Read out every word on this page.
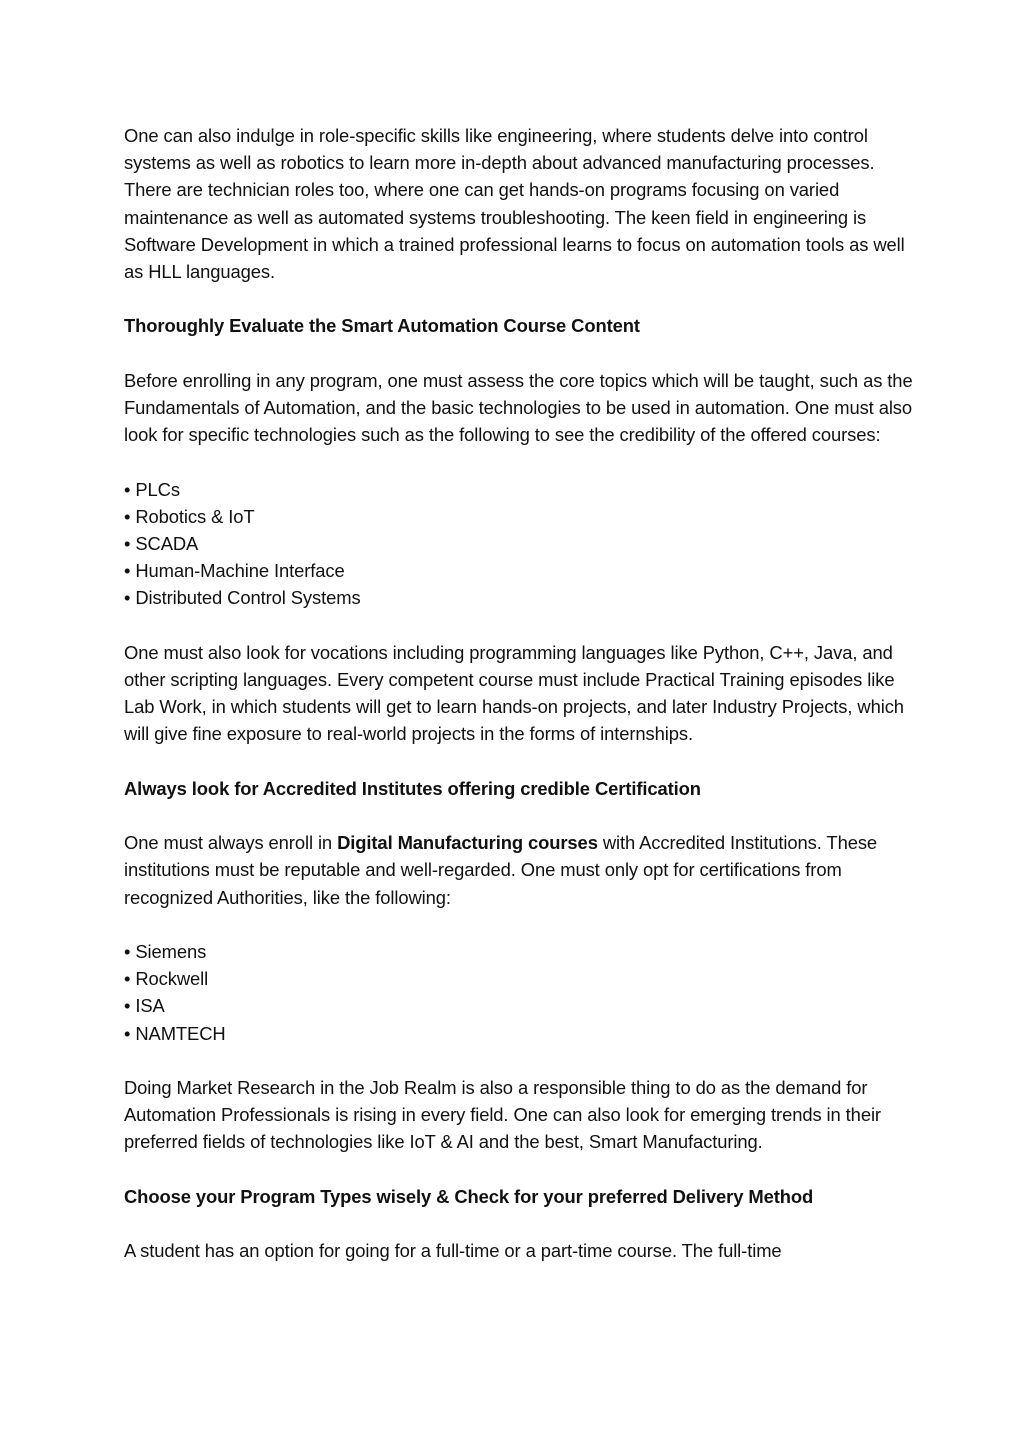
One can also indulge in role-specific skills like engineering, where students delve into control systems as well as robotics to learn more in-depth about advanced manufacturing processes. There are technician roles too, where one can get hands-on programs focusing on varied maintenance as well as automated systems troubleshooting. The keen field in engineering is Software Development in which a trained professional learns to focus on automation tools as well as HLL languages.

Thoroughly Evaluate the Smart Automation Course Content

Before enrolling in any program, one must assess the core topics which will be taught, such as the Fundamentals of Automation, and the basic technologies to be used in automation. One must also look for specific technologies such as the following to see the credibility of the offered courses:

• PLCs
• Robotics & IoT
• SCADA
• Human-Machine Interface
• Distributed Control Systems

One must also look for vocations including programming languages like Python, C++, Java, and other scripting languages. Every competent course must include Practical Training episodes like Lab Work, in which students will get to learn hands-on projects, and later Industry Projects, which will give fine exposure to real-world projects in the forms of internships.

Always look for Accredited Institutes offering credible Certification

One must always enroll in Digital Manufacturing courses with Accredited Institutions. These institutions must be reputable and well-regarded. One must only opt for certifications from recognized Authorities, like the following:

• Siemens
• Rockwell
• ISA
• NAMTECH

Doing Market Research in the Job Realm is also a responsible thing to do as the demand for Automation Professionals is rising in every field. One can also look for emerging trends in their preferred fields of technologies like IoT & AI and the best, Smart Manufacturing.

Choose your Program Types wisely & Check for your preferred Delivery Method

A student has an option for going for a full-time or a part-time course. The full-time
